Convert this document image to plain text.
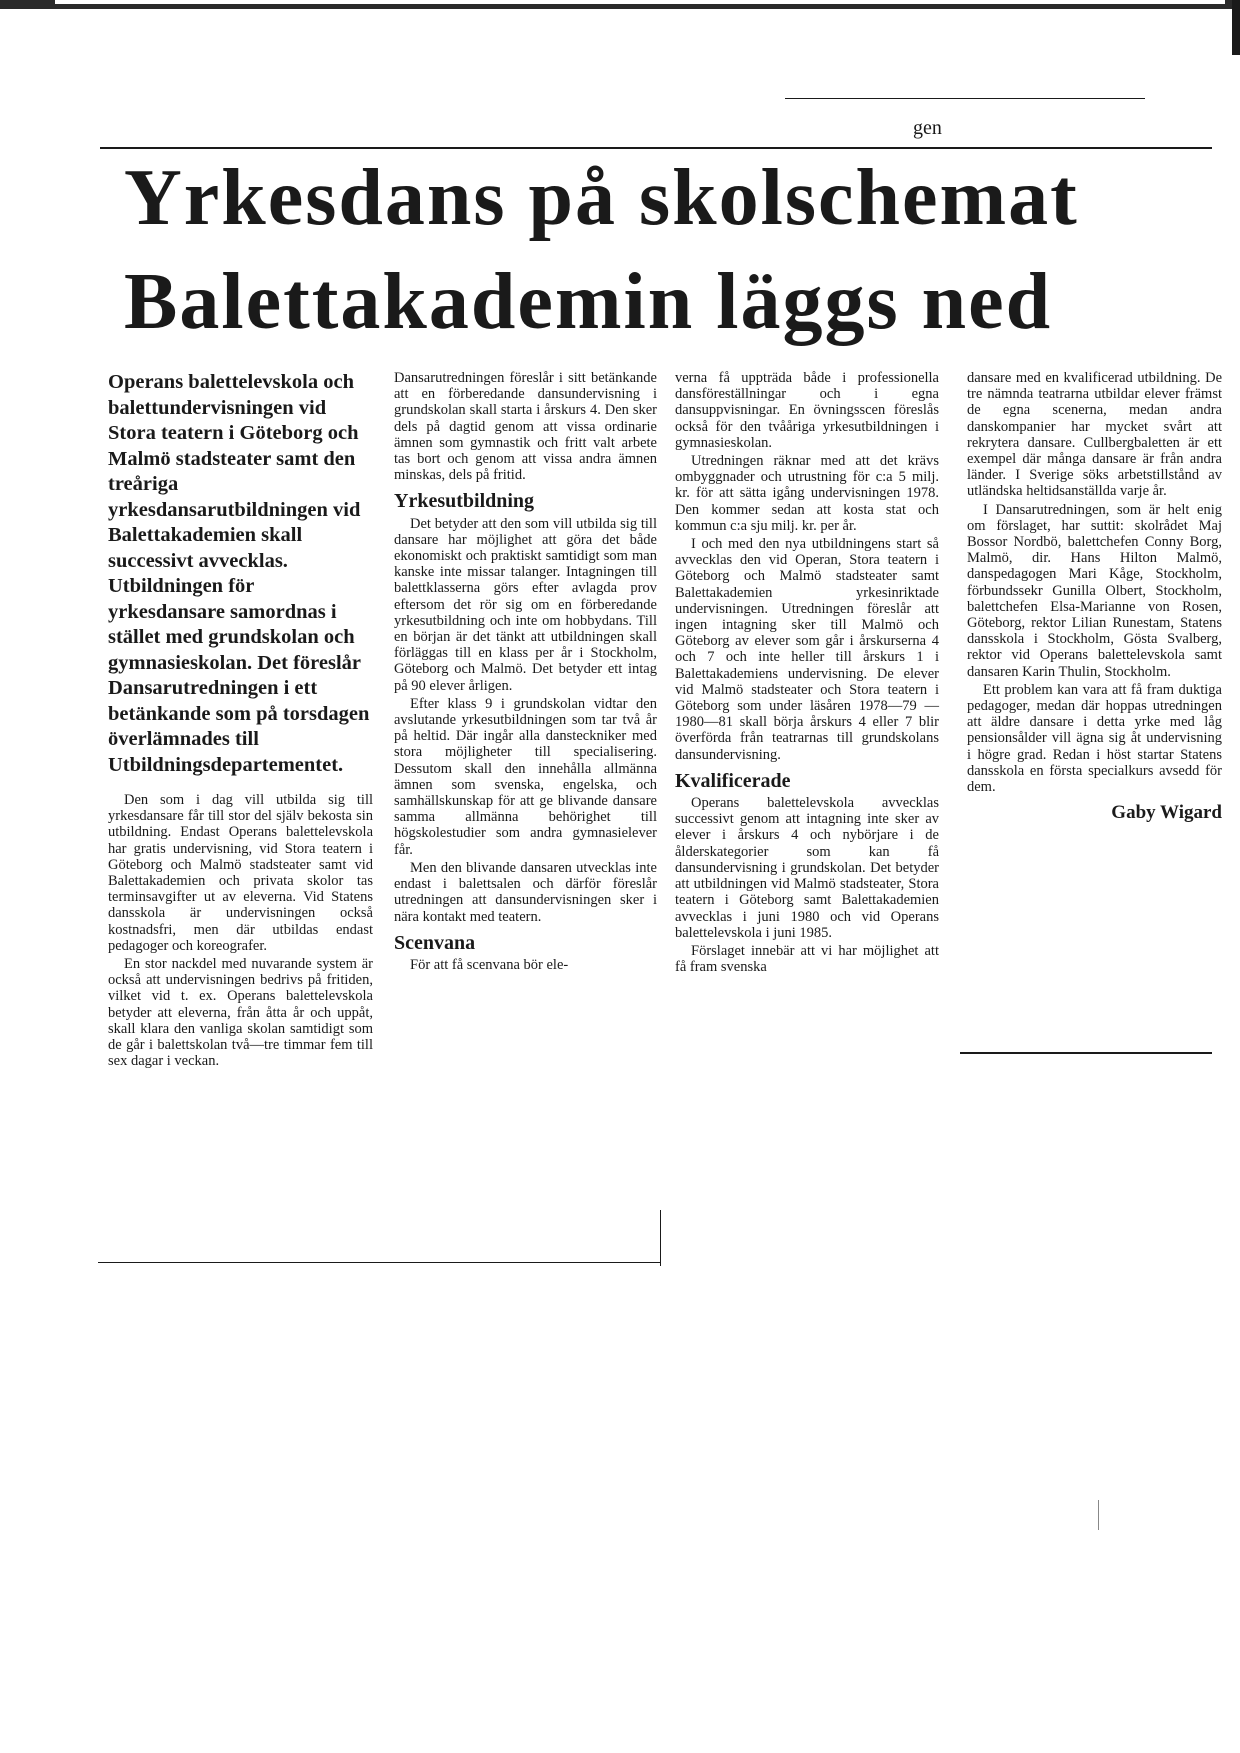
gen
Yrkesdans på skolschemat
Balettakademin läggs ned
Operans balettelevskola och balettundervisningen vid Stora teatern i Göteborg och Malmö stadsteater samt den treåriga yrkesdansarutbildningen vid Balettakademien skall successivt avvecklas. Utbildningen för yrkesdansare samordnas i stället med grundskolan och gymnasieskolan. Det föreslår Dansarutredningen i ett betänkande som på torsdagen överlämnades till Utbildningsdepartementet.

Den som i dag vill utbilda sig till yrkesdansare får till stor del själv bekosta sin utbildning. Endast Operans balettelevskola har gratis undervisning, vid Stora teatern i Göteborg och Malmö stadsteater samt vid Balettakademien och privata skolor tas terminsavgifter ut av eleverna. Vid Statens dansskola är undervisningen också kostnadsfri, men där utbildas endast pedagoger och koreografer.

En stor nackdel med nuvarande system är också att undervisningen bedrivs på fritiden, vilket vid t. ex. Operans balettelevskola betyder att eleverna, från åtta år och uppåt, skall klara den vanliga skolan samtidigt som de går i balettskolan två—tre timmar fem till sex dagar i veckan.

Dansarutredningen föreslår i sitt betänkande att en förberedande dansundervisning i grundskolan skall starta i årskurs 4. Den sker dels på dagtid genom att vissa ordinarie ämnen som gymnastik och fritt valt arbete tas bort och genom att vissa andra ämnen minskas, dels på fritid.

Yrkesutbildning

Det betyder att den som vill utbilda sig till dansare har möjlighet att göra det både ekonomiskt och praktiskt samtidigt som man kanske inte missar talanger. Intagningen till balettklasserna görs efter avlagda prov eftersom det rör sig om en förberedande yrkesutbildning och inte om hobbydans. Till en början är det tänkt att utbildningen skall förläggas till en klass per år i Stockholm, Göteborg och Malmö. Det betyder ett intag på 90 elever årligen.

Efter klass 9 i grundskolan vidtar den avslutande yrkesutbildningen som tar två år på heltid. Där ingår alla dansteckniker med stora möjligheter till specialisering. Dessutom skall den innehålla allmänna ämnen som svenska, engelska, och samhällskunskap för att ge blivande dansare samma allmänna behörighet till högskolestudier som andra gymnasielever får.

Men den blivande dansaren utvecklas inte endast i balettsalen och därför föreslår utredningen att dansundervisningen sker i nära kontakt med teatern.

Scenvana

För att få scenvana bör ele-

verna få uppträda både i professionella dansföreställningar och i egna dansuppvisningar. En övningsscen föreslås också för den tvååriga yrkesutbildningen i gymnasieskolan.

Utredningen räknar med att det krävs ombyggnader och utrustning för c:a 5 milj. kr. för att sätta igång undervisningen 1978. Den kommer sedan att kosta stat och kommun c:a sju milj. kr. per år.

I och med den nya utbildningens start så avvecklas den vid Operan, Stora teatern i Göteborg och Malmö stadsteater samt Balettakademien yrkesinriktade undervisningen. Utredningen föreslår att ingen intagning sker till Malmö och Göteborg av elever som går i årskurserna 4 och 7 och inte heller till årskurs 1 i Balettakademiens undervisning. De elever vid Malmö stadsteater och Stora teatern i Göteborg som under läsåren 1978—79 — 1980—81 skall börja årskurs 4 eller 7 blir överförda från teatrarnas till grundskolans dansundervisning.

Kvalificerade

Operans balettelevskola avvecklas successivt genom att intagning inte sker av elever i årskurs 4 och nybörjare i de ålderskategorier som kan få dansundervisning i grundskolan. Det betyder att utbildningen vid Malmö stadsteater, Stora teatern i Göteborg samt Balettakademien avvecklas i juni 1980 och vid Operans balettelevskola i juni 1985.

Förslaget innebär att vi har möjlighet att få fram svenska

dansare med en kvalificerad utbildning. De tre nämnda teatrarna utbildar elever främst de egna scenerna, medan andra danskompanier har mycket svårt att rekrytera dansare. Cullbergbaletten är ett exempel där många dansare är från andra länder. I Sverige söks arbetstillstånd av utländska heltidsanställda varje år.

I Dansarutredningen, som är helt enig om förslaget, har suttit: skolrådet Maj Bossor Nordbö, balettchefen Conny Borg, Malmö, dir. Hans Hilton Malmö, danspedagogen Mari Kåge, Stockholm, förbundssekr Gunilla Olbert, Stockholm, balettchefen Elsa-Marianne von Rosen, Göteborg, rektor Lilian Runestam, Statens dansskola i Stockholm, Gösta Svalberg, rektor vid Operans balettelevskola samt dansaren Karin Thulin, Stockholm.

Ett problem kan vara att få fram duktiga pedagoger, medan där hoppas utredningen att äldre dansare i detta yrke med låg pensionsålder vill ägna sig åt undervisning i högre grad. Redan i höst startar Statens dansskola en första specialkurs avsedd för dem.

Gaby Wigard
